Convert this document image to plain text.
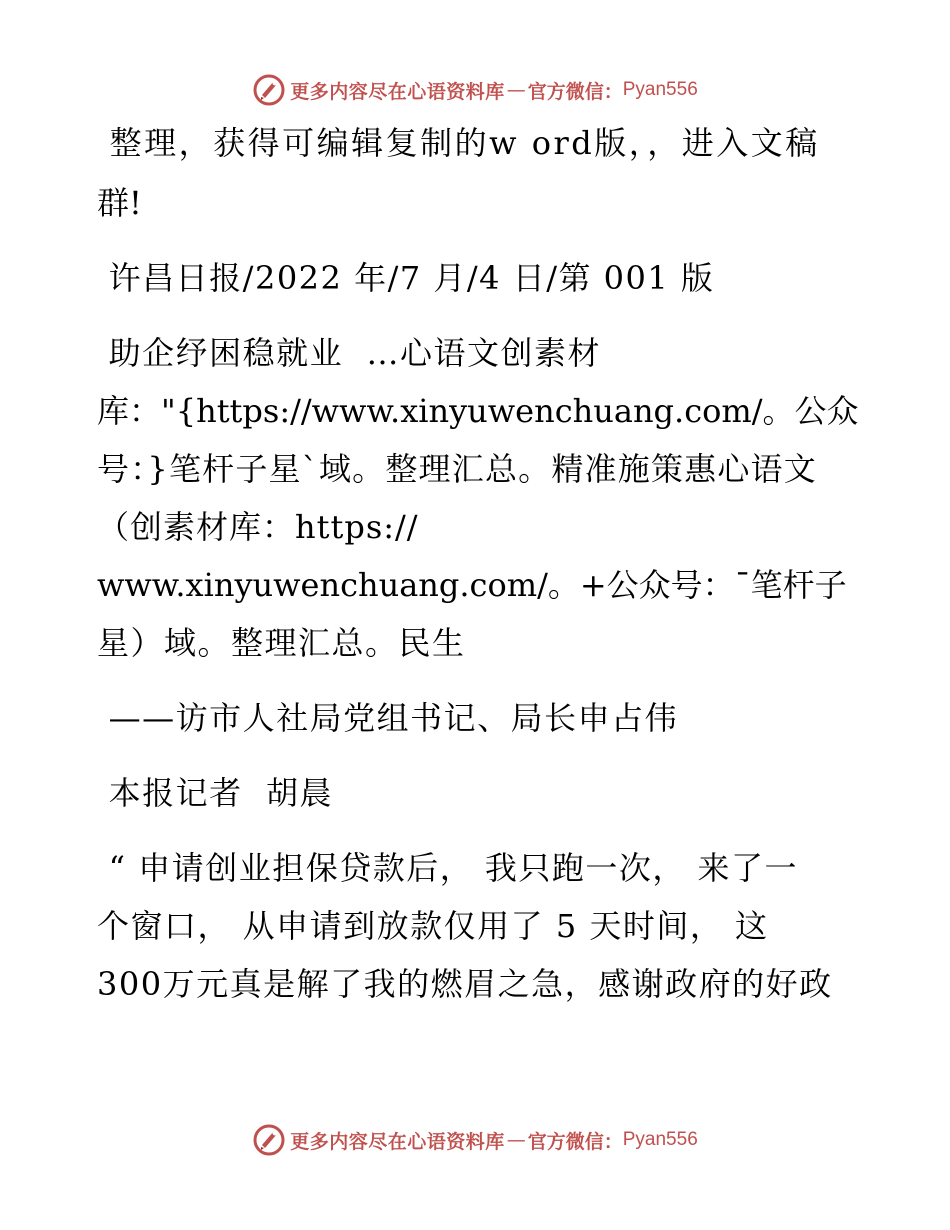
更多内容尽在心语资料库 — 官方微信： Pyan556
整理，获得可编辑复制的w ord版，，进入文稿
群!
许昌日报/2022 年/7 月/4 日/第 001 版
助企纾困稳就业  …心语文创素材
库："{https://www.xinyuwenchuang.com/。公众
号：}笔杆子星`域。整理汇总。精准施策惠心语文
（创素材库：https://
www.xinyuwenchuang.com/。+公众号：¯笔杆子
星）域。整理汇总。民生
——访市人社局党组书记、局长申占伟
本报记者  胡晨
“ 申请创业担保贷款后， 我只跑一次， 来了一
个窗口， 从申请到放款仅用了 5 天时间， 这
300万元真是解了我的燃眉之急，感谢政府的好政
更多内容尽在心语资料库 — 官方微信： Pyan556
